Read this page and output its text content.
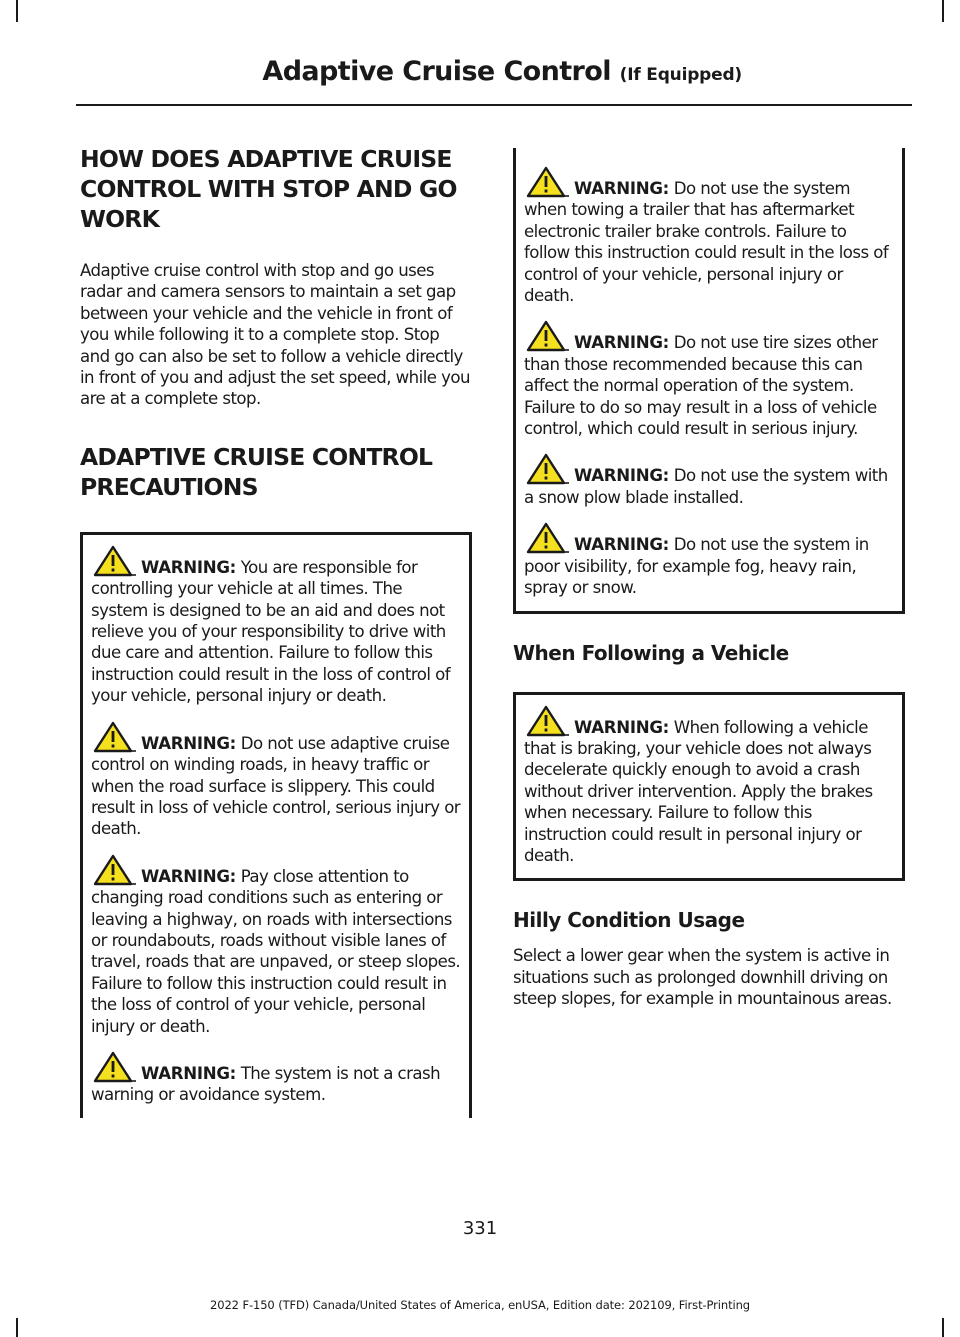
Adaptive Cruise Control (If Equipped)
HOW DOES ADAPTIVE CRUISE CONTROL WITH STOP AND GO WORK

Adaptive cruise control with stop and go uses radar and camera sensors to maintain a set gap between your vehicle and the vehicle in front of you while following it to a complete stop. Stop and go can also be set to follow a vehicle directly in front of you and adjust the set speed, while you are at a complete stop.

ADAPTIVE CRUISE CONTROL PRECAUTIONS

WARNING: You are responsible for controlling your vehicle at all times. The system is designed to be an aid and does not relieve you of your responsibility to drive with due care and attention. Failure to follow this instruction could result in the loss of control of your vehicle, personal injury or death.

WARNING: Do not use adaptive cruise control on winding roads, in heavy traffic or when the road surface is slippery. This could result in loss of vehicle control, serious injury or death.

WARNING: Pay close attention to changing road conditions such as entering or leaving a highway, on roads with intersections or roundabouts, roads without visible lanes of travel, roads that are unpaved, or steep slopes. Failure to follow this instruction could result in the loss of control of your vehicle, personal injury or death.

WARNING: The system is not a crash warning or avoidance system.

WARNING: Do not use the system when towing a trailer that has aftermarket electronic trailer brake controls. Failure to follow this instruction could result in the loss of control of your vehicle, personal injury or death.

WARNING: Do not use tire sizes other than those recommended because this can affect the normal operation of the system. Failure to do so may result in a loss of vehicle control, which could result in serious injury.

WARNING: Do not use the system with a snow plow blade installed.

WARNING: Do not use the system in poor visibility, for example fog, heavy rain, spray or snow.

When Following a Vehicle

WARNING: When following a vehicle that is braking, your vehicle does not always decelerate quickly enough to avoid a crash without driver intervention. Apply the brakes when necessary. Failure to follow this instruction could result in personal injury or death.

Hilly Condition Usage

Select a lower gear when the system is active in situations such as prolonged downhill driving on steep slopes, for example in mountainous areas.

331
2022 F-150 (TFD) Canada/United States of America, enUSA, Edition date: 202109, First-Printing
